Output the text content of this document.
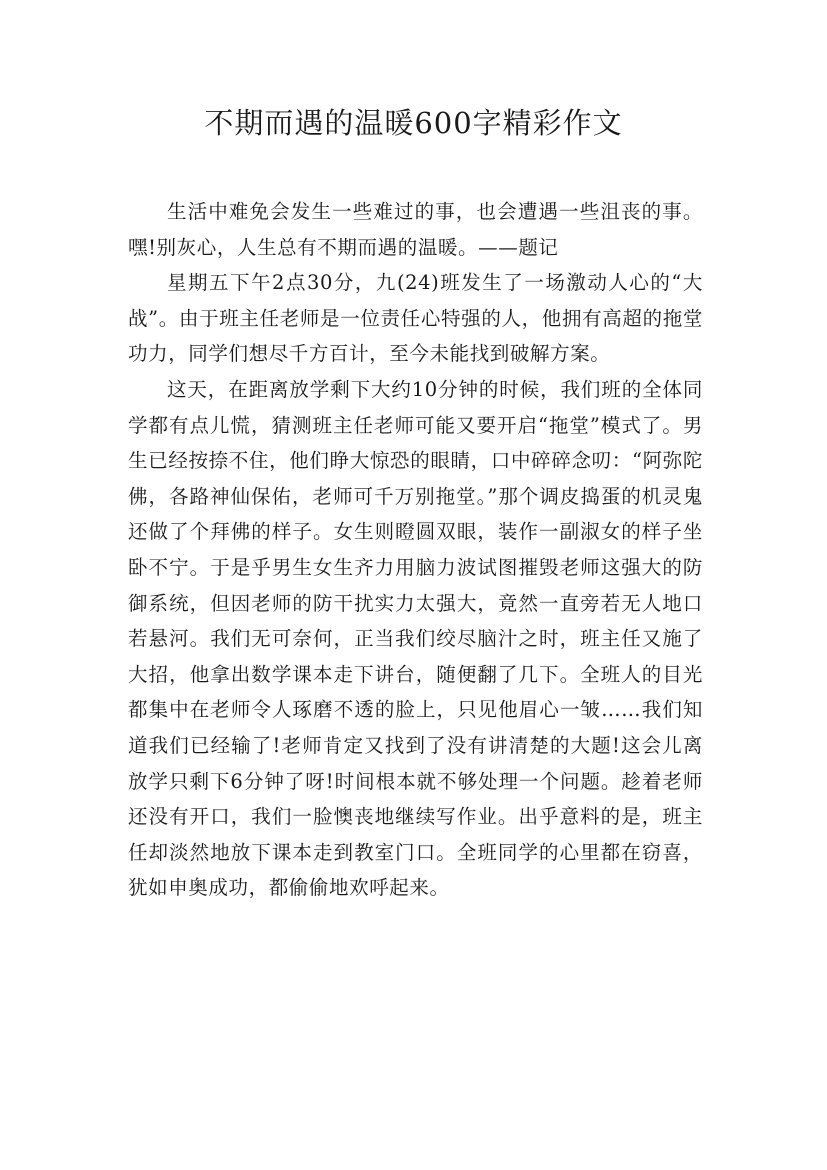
不期而遇的温暖600字精彩作文

生活中难免会发生一些难过的事，也会遭遇一些沮丧的事。嘿!别灰心，人生总有不期而遇的温暖。——题记

星期五下午2点30分，九(24)班发生了一场激动人心的“大战”。由于班主任老师是一位责任心特强的人，他拥有高超的拖堂功力，同学们想尽千方百计，至今未能找到破解方案。

这天，在距离放学剩下大约10分钟的时候，我们班的全体同学都有点儿慌，猜测班主任老师可能又要开启“拖堂”模式了。男生已经按捺不住，他们睁大惊恐的眼睛，口中碎碎念叨：“阿弥陀佛，各路神仙保佑，老师可千万别拖堂。”那个调皮捣蛋的机灵鬼还做了个拜佛的样子。女生则瞪圆双眼，装作一副淑女的样子坐卧不宁。于是乎男生女生齐力用脑力波试图摧毁老师这强大的防御系统，但因老师的防干扰实力太强大，竟然一直旁若无人地口若悬河。我们无可奈何，正当我们绞尽脑汁之时，班主任又施了大招，他拿出数学课本走下讲台，随便翻了几下。全班人的目光都集中在老师令人琢磨不透的脸上，只见他眉心一皱……我们知道我们已经输了!老师肯定又找到了没有讲清楚的大题!这会儿离放学只剩下6分钟了呀!时间根本就不够处理一个问题。趁着老师还没有开口，我们一脸懊丧地继续写作业。出乎意料的是，班主任却淡然地放下课本走到教室门口。全班同学的心里都在窃喜，犹如申奥成功，都偷偷地欢呼起来。
